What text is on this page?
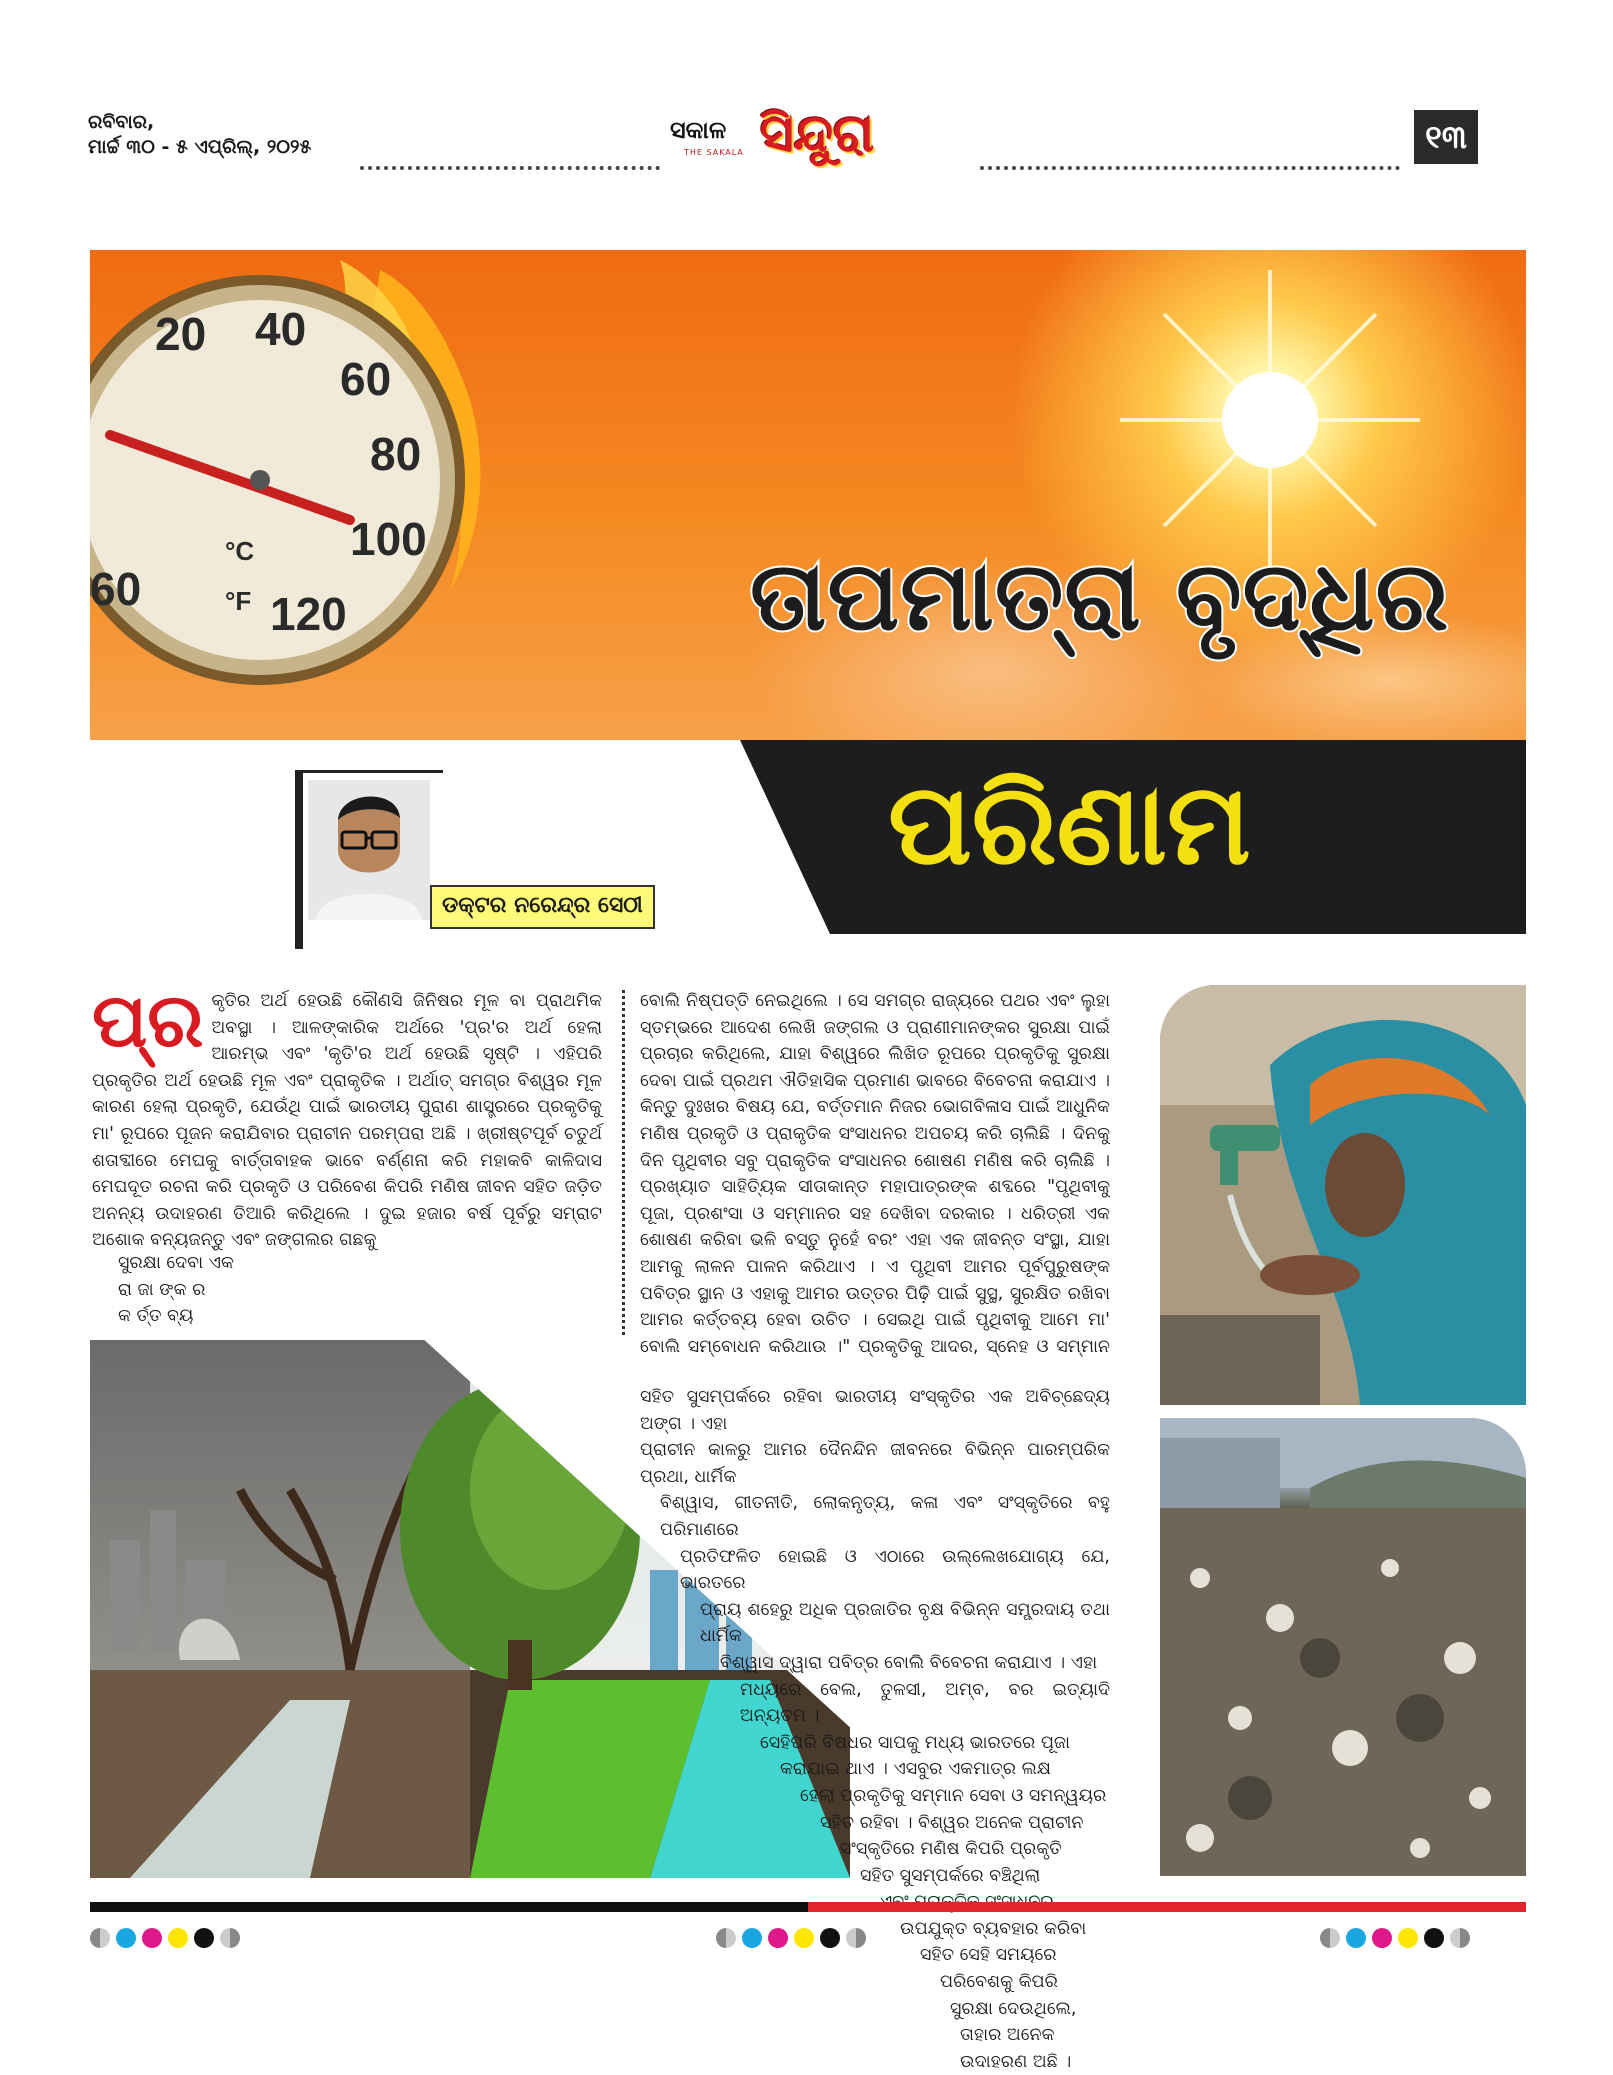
ରବିବାର,
ମାର୍ଚ୍ଚ ୩୦ - ୫ ଏପ୍ରିଲ୍, ୨୦୨୫
ସକାଳ
THE SAKALA ସିନ୍ଦୁରା	୧୩
20 40
60
80
100
120
60
°C
°F	ତାପମାତ୍ରା ବୃଦ୍ଧିର
ପରିଣାମ
ଡକ୍ଟର ନରେନ୍ଦ୍ର ସେଠୀ
ପ୍ର କୃତିର ଅର୍ଥ ହେଉଛି କୌଣସି ଜିନିଷର ମୂଳ ବା ପ୍ରାଥମିକ ଅବସ୍ଥା । ଆଳଙ୍କାରିକ ଅର୍ଥରେ 'ପ୍ର'ର ଅର୍ଥ ହେଲା ଆରମ୍ଭ ଏବଂ 'କୃତି'ର ଅର୍ଥ ହେଉଛି ସୃଷ୍ଟି । ଏହିପରି ପ୍ରକୃତିର ଅର୍ଥ ହେଉଛି ମୂଳ ଏବଂ ପ୍ରାକୃତିକ । ଅର୍ଥାତ୍ ସମଗ୍ର ବିଶ୍ୱର ମୂଳ କାରଣ ହେଲା ପ୍ରକୃତି, ଯେଉଁଥି ପାଇଁ ଭାରତୀୟ ପୁରାଣ ଶାସ୍ତ୍ରରେ ପ୍ରକୃତିକୁ ମା' ରୂପରେ ପୂଜନ କରାଯିବାର ପ୍ରାଚୀନ ପରମ୍ପରା ଅଛି । ଖ୍ରୀଷ୍ଟପୂର୍ବ ଚତୁର୍ଥ ଶତାବ୍ଦୀରେ ମେଘକୁ ବାର୍ତ୍ତାବାହକ ଭାବେ ବର୍ଣ୍ଣନା କରି ମହାକବି କାଳିଦାସ ମେଘଦୂତ ରଚନା କରି ପ୍ରକୃତି ଓ ପରିବେଶ କିପରି ମଣିଷ ଜୀବନ ସହିତ ଜଡ଼ିତ ଅନନ୍ୟ ଉଦାହରଣ ତିଆରି କରିଥିଲେ । ଦୁଇ ହଜାର ବର୍ଷ ପୂର୍ବରୁ ସମ୍ରାଟ ଅଶୋକ ବନ୍ୟଜନ୍ତୁ ଏବଂ ଜଙ୍ଗଲର ଗଛକୁ
ସୁରକ୍ଷା ଦେବା ଏକ
ରା ଜା ଙ୍କ ର
କ ର୍ତ୍ତ ବ୍ୟ
ବୋଲି ନିଷ୍ପତ୍ତି ନେଇଥିଲେ । ସେ ସମଗ୍ର ରାଜ୍ୟରେ ପଥର ଏବଂ ଲୁହା ସ୍ତମ୍ଭରେ ଆଦେଶ ଲେଖି ଜଙ୍ଗଲ ଓ ପ୍ରାଣୀମାନଙ୍କର ସୁରକ୍ଷା ପାଇଁ ପ୍ରଚାର କରିଥିଲେ, ଯାହା ବିଶ୍ୱରେ ଲିଖିତ ରୂପରେ ପ୍ରକୃତିକୁ ସୁରକ୍ଷା ଦେବା ପାଇଁ ପ୍ରଥମ ଐତିହାସିକ ପ୍ରମାଣ ଭାବରେ ବିବେଚନା କରାଯାଏ । କିନ୍ତୁ ଦୁଃଖର ବିଷୟ ଯେ, ବର୍ତ୍ତମାନ ନିଜର ଭୋଗବିଳାସ ପାଇଁ ଆଧୁନିକ ମଣିଷ ପ୍ରକୃତି ଓ ପ୍ରାକୃତିକ ସଂସାଧନର ଅପଚୟ କରି ଚାଲିଛି । ଦିନକୁ ଦିନ ପୃଥିବୀର ସବୁ ପ୍ରାକୃତିକ ସଂସାଧନର ଶୋଷଣ ମଣିଷ କରି ଚାଲିଛି । ପ୍ରଖ୍ୟାତ ସାହିତ୍ୟିକ ସୀତାକାନ୍ତ ମହାପାତ୍ରଙ୍କ ଶବ୍ଦରେ "ପୃଥିବୀକୁ ପୂଜା, ପ୍ରଶଂସା ଓ ସମ୍ମାନର ସହ ଦେଖିବା ଦରକାର । ଧରିତ୍ରୀ ଏକ ଶୋଷଣ କରିବା ଭଳି ବସ୍ତୁ ନୁହେଁ ବରଂ ଏହା ଏକ ଜୀବନ୍ତ ସଂସ୍ଥା, ଯାହା ଆମକୁ ଲାଳନ ପାଳନ କରିଥାଏ । ଏ ପୃଥିବୀ ଆମର ପୂର୍ବପୁରୁଷଙ୍କ ପବିତ୍ର ସ୍ଥାନ ଓ ଏହାକୁ ଆମର ଉତ୍ତର ପିଢ଼ି ପାଇଁ ସୁସ୍ଥ, ସୁରକ୍ଷିତ ରଖିବା ଆମର କର୍ତ୍ତବ୍ୟ ହେବା ଉଚିତ । ସେଇଥି ପାଇଁ ପୃଥିବୀକୁ ଆମେ ମା' ବୋଲି ସମ୍ବୋଧନ କରିଥାଉ ।" ପ୍ରକୃତିକୁ ଆଦର, ସ୍ନେହ ଓ ସମ୍ମାନ
ସହିତ ସୁସମ୍ପର୍କରେ ରହିବା ଭାରତୀୟ ସଂସ୍କୃତିର ଏକ ଅବିଚ୍ଛେଦ୍ୟ ଅଙ୍ଗ । ଏହା
ପ୍ରାଚୀନ କାଳରୁ ଆମର ଦୈନନ୍ଦିନ ଜୀବନରେ ବିଭିନ୍ନ ପାରମ୍ପରିକ ପ୍ରଥା, ଧାର୍ମିକ
ବିଶ୍ୱାସ, ଗୀତନୀତି, ଲୋକନୃତ୍ୟ, କଳା ଏବଂ ସଂସ୍କୃତିରେ ବହୁ ପରିମାଣରେ
ପ୍ରତିଫଳିତ ହୋଇଛି ଓ ଏଠାରେ ଉଲ୍ଲେଖଯୋଗ୍ୟ ଯେ, ଭାରତରେ
ପ୍ରାୟ ଶହେରୁ ଅଧିକ ପ୍ରଜାତିର ବୃକ୍ଷ ବିଭିନ୍ନ ସମ୍ପ୍ରଦାୟ ତଥା ଧାର୍ମିକ
ବିଶ୍ୱାସ ଦ୍ୱାରା ପବିତ୍ର ବୋଲି ବିବେଚନା କରାଯାଏ । ଏହା
ମଧ୍ୟରେ ବେଲ, ତୁଳସୀ, ଅମ୍ବ, ବର ଇତ୍ୟାଦି ଅନ୍ୟତମ ।
ସେହିପରି ବିଷଧର ସାପକୁ ମଧ୍ୟ ଭାରତରେ ପୂଜା
କରାଯାଇ ଥାଏ । ଏସବୁର ଏକମାତ୍ର ଲକ୍ଷ
ହେଲା ପ୍ରକୃତିକୁ ସମ୍ମାନ ସେବା ଓ ସମନ୍ୱୟର
ସହିତ ରହିବା । ବିଶ୍ୱର ଅନେକ ପ୍ରାଚୀନ
ସଂସ୍କୃତିରେ ମଣିଷ କିପରି ପ୍ରକୃତି
ସହିତ ସୁସମ୍ପର୍କରେ ବଞ୍ଚିଥିଲା
ଉପଯୁକ୍ତ ବ୍ୟବହାର କରିବା
ସହିତ ସେହି ସମୟରେ
ପରିବେଶକୁ କିପରି
ସୁରକ୍ଷା ଦେଉଥିଲେ,
ତାହାର ଅନେକ
ଉଦାହରଣ ଅଛି ।
